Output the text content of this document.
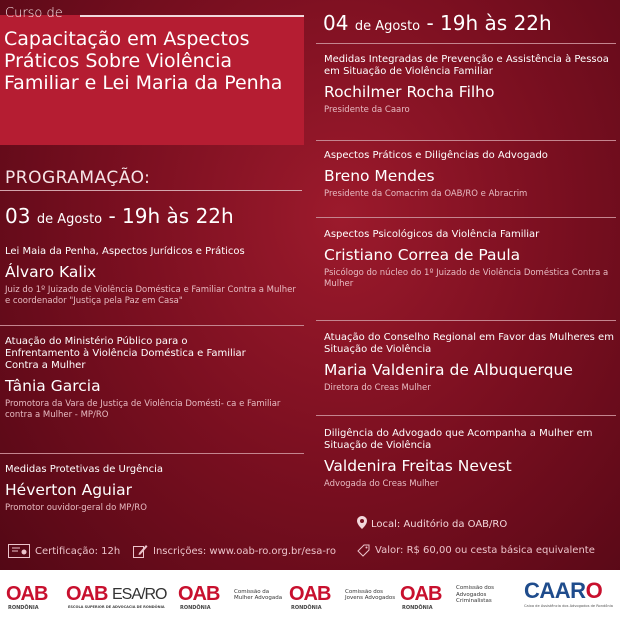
Curso de
Capacitação em Aspectos Práticos Sobre Violência Familiar e Lei Maria da Penha
PROGRAMAÇÃO:
03 de Agosto - 19h às 22h
Lei Maia da Penha, Aspectos Jurídicos e Práticos
Álvaro Kalix
Juiz do 1º Juizado de Violência Doméstica e Familiar Contra a Mulher e coordenador "Justiça pela Paz em Casa"
Atuação do Ministério Público para o Enfrentamento à Violência Doméstica e Familiar Contra a Mulher
Tânia Garcia
Promotora da Vara de Justiça de Violência Domésti- ca e Familiar contra a Mulher - MP/RO
Medidas Protetivas de Urgência
Héverton Aguiar
Promotor ouvidor-geral do MP/RO
04 de Agosto - 19h às 22h
Medidas Integradas de Prevenção e Assistência à Pessoa em Situação de Violência Familiar
Rochilmer Rocha Filho
Presidente da Caaro
Aspectos Práticos e Diligências do Advogado
Breno Mendes
Presidente da Comacrim da OAB/RO e Abracrim
Aspectos Psicológicos da Violência Familiar
Cristiano Correa de Paula
Psicólogo do núcleo do 1º Juizado de Violência Doméstica Contra a Mulher
Atuação do Conselho Regional em Favor das Mulheres em Situação de Violência
Maria Valdenira de Albuquerque
Diretora do Creas Mulher
Diligência do Advogado que Acompanha a Mulher em Situação de Violência
Valdenira Freitas Nevest
Advogada do Creas Mulher
Local: Auditório da OAB/RO
Certificação: 12h	Inscrições: www.oab-ro.org.br/esa-ro	Valor: R$ 60,00 ou cesta básica equivalente
OAB
RONDÔNIA
OAB ESA/RO
ESCOLA SUPERIOR DE ADVOCACIA DE RONDÔNIA
OAB
RONDÔNIA
Comissão da Mulher Advogada OAB
RONDÔNIA
Comissão dos Jovens Advogados OAB
RONDÔNIA
Comissão dos Advogados Criminalistas	CAARO
Caixa de Assistência dos Advogados de Rondônia
